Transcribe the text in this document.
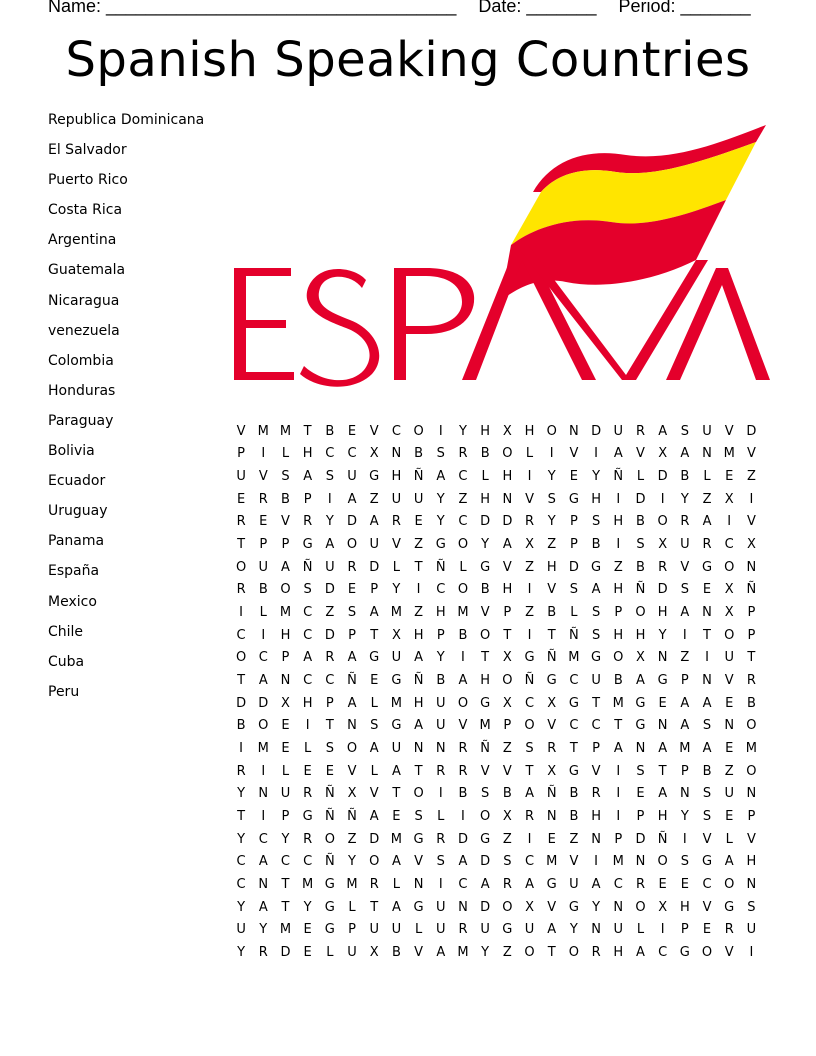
Name: ___________________________________ Date: _______ Period: _______
Spanish Speaking Countries
Republica Dominicana
El Salvador
Puerto Rico
Costa Rica
Argentina
Guatemala
Nicaragua
venezuela
Colombia
Honduras
Paraguay
Bolivia
Ecuador
Uruguay
Panama
España
Mexico
Chile
Cuba
Peru
V	M	M	T	B	E	V	C	O	I	Y	H	X	H	O	N	D	U	R	A	S	U	V	D
P	I	L	H	C	C	X	N	B	S	R	B	O	L	I	V	I	A	V	X	A	N	M	V
U	V	S	A	S	U	G	H	Ñ	A	C	L	H	I	Y	E	Y	Ñ	L	D	B	L	E	Z
E	R	B	P	I	A	Z	U	U	Y	Z	H	N	V	S	G	H	I	D	I	Y	Z	X	I
R	E	V	R	Y	D	A	R	E	Y	C	D	D	R	Y	P	S	H	B	O	R	A	I	V
T	P	P	G	A	O	U	V	Z	G	O	Y	A	X	Z	P	B	I	S	X	U	R	C	X
O	U	A	Ñ	U	R	D	L	T	Ñ	L	G	V	Z	H	D	G	Z	B	R	V	G	O	N
R	B	O	S	D	E	P	Y	I	C	O	B	H	I	V	S	A	H	Ñ	D	S	E	X	Ñ
I	L	M	C	Z	S	A	M	Z	H	M	V	P	Z	B	L	S	P	O	H	A	N	X	P
C	I	H	C	D	P	T	X	H	P	B	O	T	I	T	Ñ	S	H	H	Y	I	T	O	P
O	C	P	A	R	A	G	U	A	Y	I	T	X	G	Ñ	M	G	O	X	N	Z	I	U	T
T	A	N	C	C	Ñ	E	G	Ñ	B	A	H	O	Ñ	G	C	U	B	A	G	P	N	V	R
D	D	X	H	P	A	L	M	H	U	O	G	X	C	X	G	T	M	G	E	A	A	E	B
B	O	E	I	T	N	S	G	A	U	V	M	P	O	V	C	C	T	G	N	A	S	N	O
I	M	E	L	S	O	A	U	N	N	R	Ñ	Z	S	R	T	P	A	N	A	M	A	E	M
R	I	L	E	E	V	L	A	T	R	R	V	V	T	X	G	V	I	S	T	P	B	Z	O
Y	N	U	R	Ñ	X	V	T	O	I	B	S	B	A	Ñ	B	R	I	E	A	N	S	U	N
T	I	P	G	Ñ	Ñ	A	E	S	L	I	O	X	R	N	B	H	I	P	H	Y	S	E	P
Y	C	Y	R	O	Z	D	M	G	R	D	G	Z	I	E	Z	N	P	D	Ñ	I	V	L	V
C	A	C	C	Ñ	Y	O	A	V	S	A	D	S	C	M	V	I	M	N	O	S	G	A	H
C	N	T	M	G	M	R	L	N	I	C	A	R	A	G	U	A	C	R	E	E	C	O	N
Y	A	T	Y	G	L	T	A	G	U	N	D	O	X	V	G	Y	N	O	X	H	V	G	S
U	Y	M	E	G	P	U	U	L	U	R	U	G	U	A	Y	N	U	L	I	P	E	R	U
Y	R	D	E	L	U	X	B	V	A	M	Y	Z	O	T	O	R	H	A	C	G	O	V	I
